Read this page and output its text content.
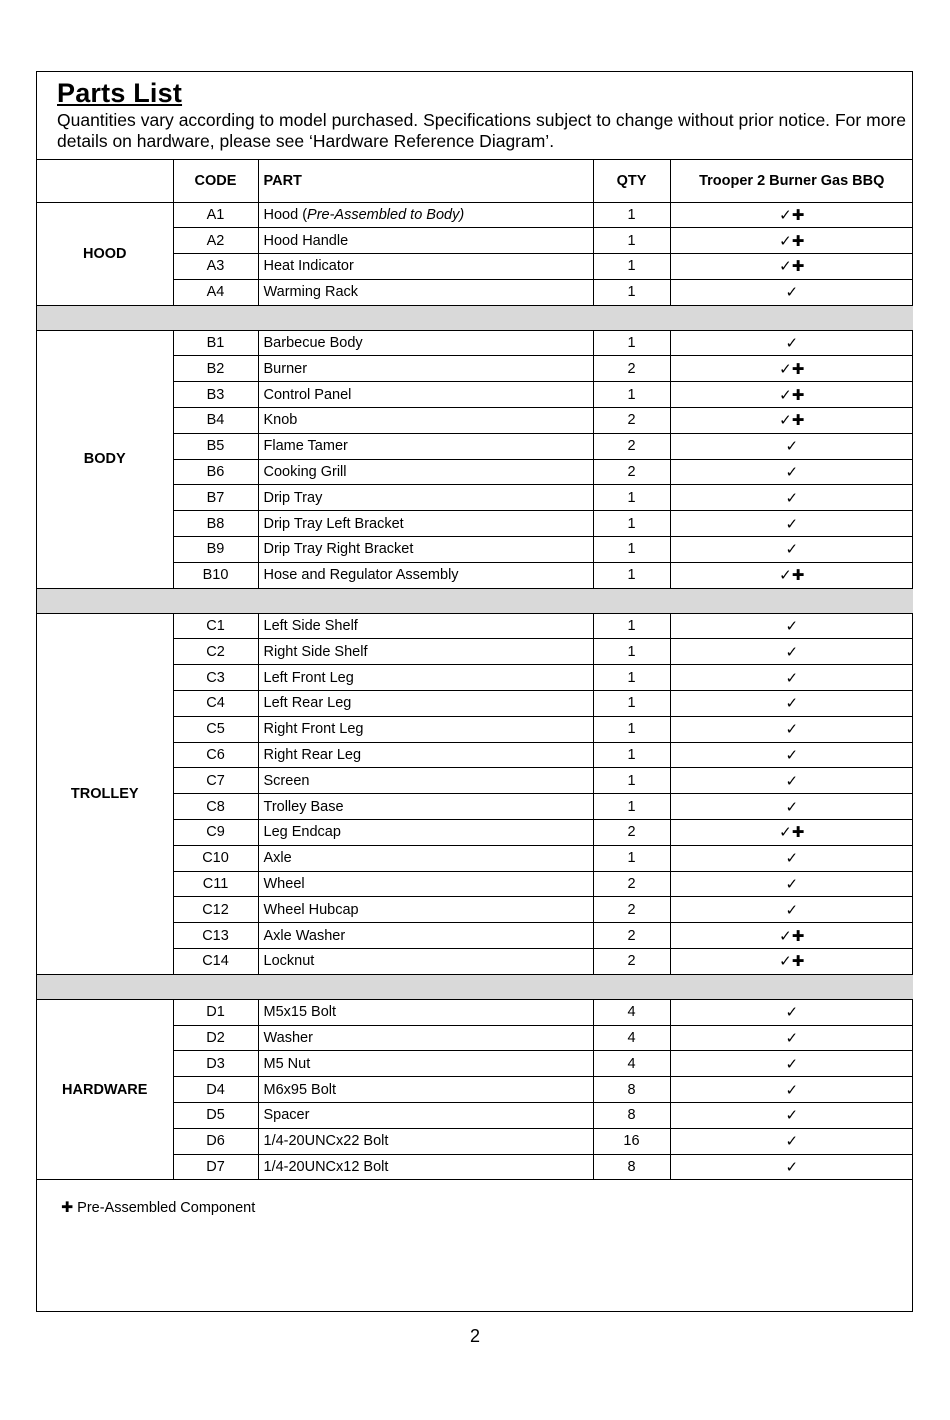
Parts List

Quantities vary according to model purchased. Specifications subject to change without prior notice. For more details on hardware, please see ‘Hardware Reference Diagram’.

	CODE	PART	QTY	Trooper 2 Burner Gas BBQ
HOOD	A1	Hood (Pre-Assembled to Body)	1	✓✚
	A2	Hood Handle	1	✓✚
	A3	Heat Indicator	1	✓✚
	A4	Warming Rack	1	✓

BODY	B1	Barbecue Body	1	✓
	B2	Burner	2	✓✚
	B3	Control Panel	1	✓✚
	B4	Knob	2	✓✚
	B5	Flame Tamer	2	✓
	B6	Cooking Grill	2	✓
	B7	Drip Tray	1	✓
	B8	Drip Tray Left Bracket	1	✓
	B9	Drip Tray Right Bracket	1	✓
	B10	Hose and Regulator Assembly	1	✓✚

TROLLEY	C1	Left Side Shelf	1	✓
	C2	Right Side Shelf	1	✓
	C3	Left Front Leg	1	✓
	C4	Left Rear Leg	1	✓
	C5	Right Front Leg	1	✓
	C6	Right Rear Leg	1	✓
	C7	Screen	1	✓
	C8	Trolley Base	1	✓
	C9	Leg Endcap	2	✓✚
	C10	Axle	1	✓
	C11	Wheel	2	✓
	C12	Wheel Hubcap	2	✓
	C13	Axle Washer	2	✓✚
	C14	Locknut	2	✓✚

HARDWARE	D1	M5x15 Bolt	4	✓
	D2	Washer	4	✓
	D3	M5 Nut	4	✓
	D4	M6x95 Bolt	8	✓
	D5	Spacer	8	✓
	D6	1/4-20UNCx22 Bolt	16	✓
	D7	1/4-20UNCx12 Bolt	8	✓
✚ Pre-Assembled Component
2
